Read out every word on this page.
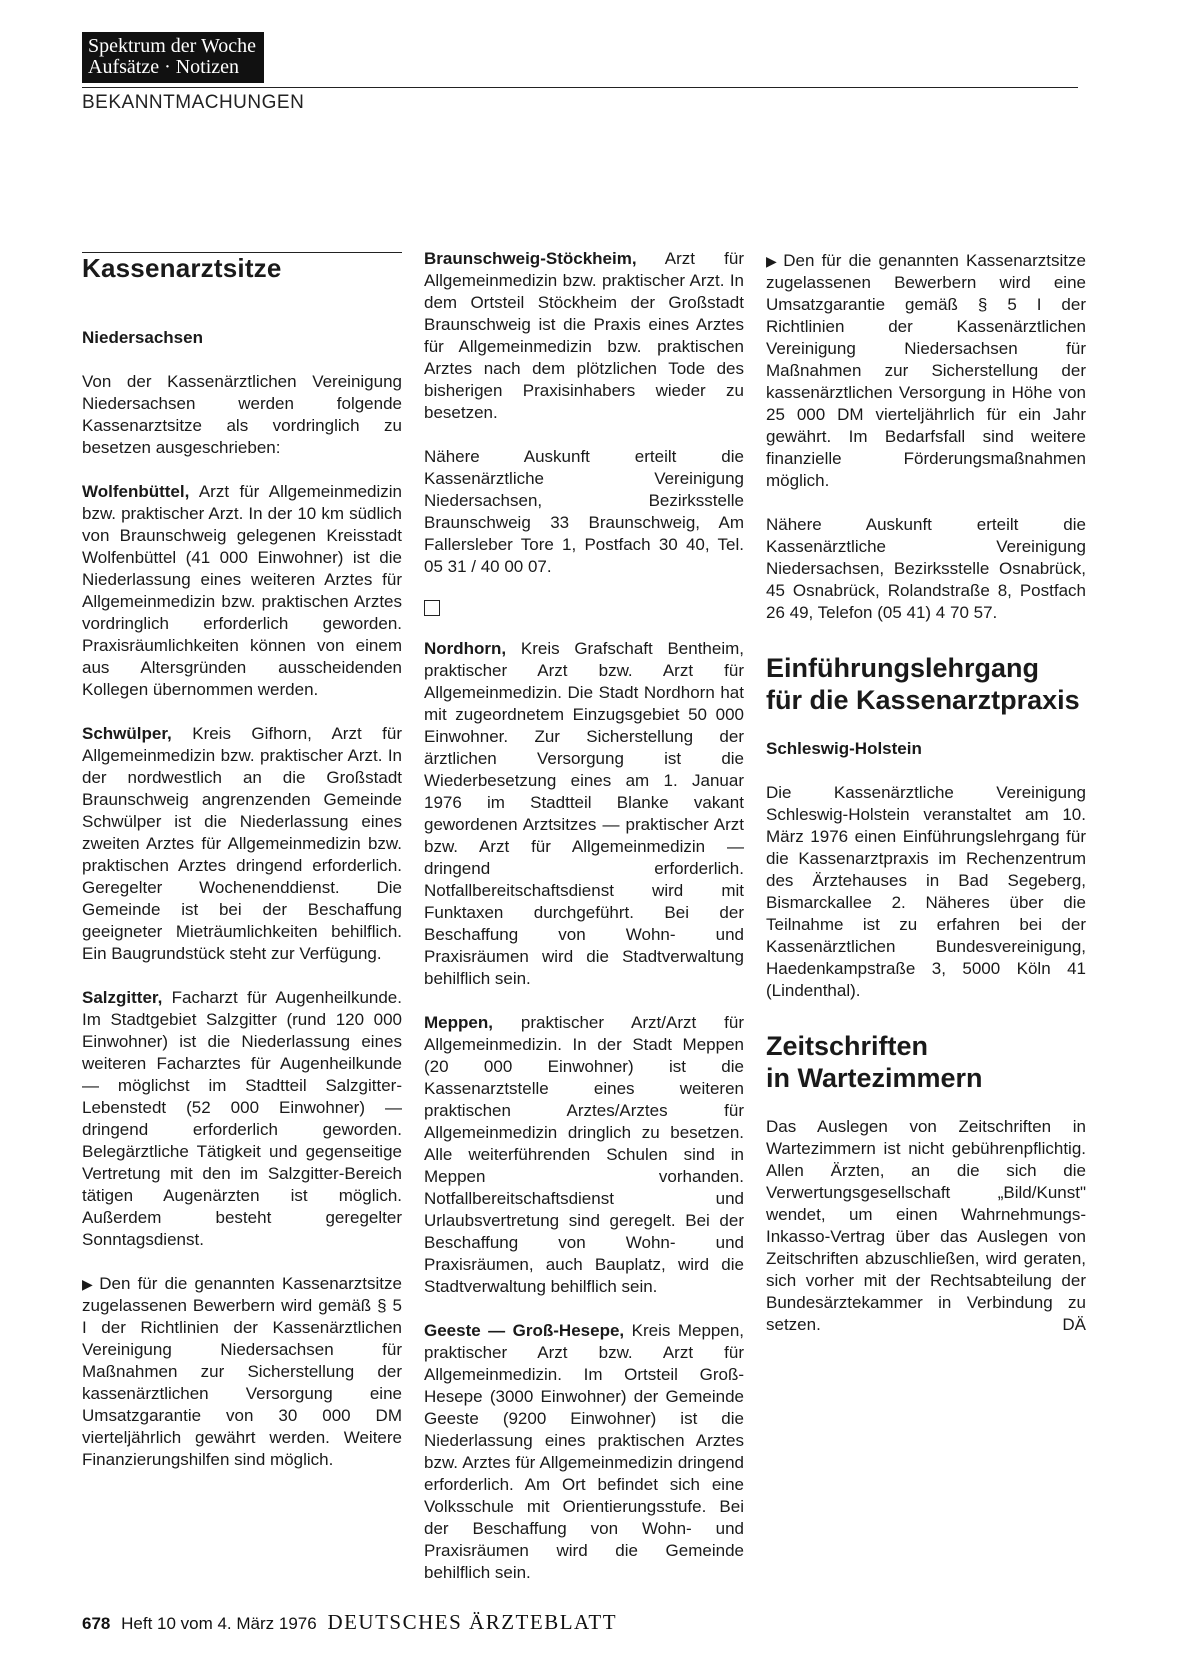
Spektrum der Woche
Aufsätze · Notizen
BEKANNTMACHUNGEN
Kassenarztsitze
Niedersachsen

Von der Kassenärztlichen Vereinigung Niedersachsen werden folgende Kassenarztsitze als vordringlich zu besetzen ausgeschrieben:

Wolfenbüttel, Arzt für Allgemeinmedizin bzw. praktischer Arzt. In der 10 km südlich von Braunschweig gelegenen Kreisstadt Wolfenbüttel (41 000 Einwohner) ist die Niederlassung eines weiteren Arztes für Allgemeinmedizin bzw. praktischen Arztes vordringlich erforderlich geworden. Praxisräumlichkeiten können von einem aus Altersgründen ausscheidenden Kollegen übernommen werden.

Schwülper, Kreis Gifhorn, Arzt für Allgemeinmedizin bzw. praktischer Arzt. In der nordwestlich an die Großstadt Braunschweig angrenzenden Gemeinde Schwülper ist die Niederlassung eines zweiten Arztes für Allgemeinmedizin bzw. praktischen Arztes dringend erforderlich. Geregelter Wochenenddienst. Die Gemeinde ist bei der Beschaffung geeigneter Mieträumlichkeiten behilflich. Ein Baugrundstück steht zur Verfügung.

Salzgitter, Facharzt für Augenheilkunde. Im Stadtgebiet Salzgitter (rund 120 000 Einwohner) ist die Niederlassung eines weiteren Facharztes für Augenheilkunde — möglichst im Stadtteil Salzgitter-Lebenstedt (52 000 Einwohner) — dringend erforderlich geworden. Belegärztliche Tätigkeit und gegenseitige Vertretung mit den im Salzgitter-Bereich tätigen Augenärzten ist möglich. Außerdem besteht geregelter Sonntagsdienst.

▶ Den für die genannten Kassenarztsitze zugelassenen Bewerbern wird gemäß § 5 I der Richtlinien der Kassenärztlichen Vereinigung Niedersachsen für Maßnahmen zur Sicherstellung der kassenärztlichen Versorgung eine Umsatzgarantie von 30 000 DM vierteljährlich gewährt werden. Weitere Finanzierungshilfen sind möglich.

Braunschweig-Stöckheim, Arzt für Allgemeinmedizin bzw. praktischer Arzt. In dem Ortsteil Stöckheim der Großstadt Braunschweig ist die Praxis eines Arztes für Allgemeinmedizin bzw. praktischen Arztes nach dem plötzlichen Tode des bisherigen Praxisinhabers wieder zu besetzen.

Nähere Auskunft erteilt die Kassenärztliche Vereinigung Niedersachsen, Bezirksstelle Braunschweig 33 Braunschweig, Am Fallersleber Tore 1, Postfach 30 40, Tel. 05 31 / 40 00 07.

Nordhorn, Kreis Grafschaft Bentheim, praktischer Arzt bzw. Arzt für Allgemeinmedizin. Die Stadt Nordhorn hat mit zugeordnetem Einzugsgebiet 50 000 Einwohner. Zur Sicherstellung der ärztlichen Versorgung ist die Wiederbesetzung eines am 1. Januar 1976 im Stadtteil Blanke vakant gewordenen Arztsitzes — praktischer Arzt bzw. Arzt für Allgemeinmedizin — dringend erforderlich. Notfallbereitschaftsdienst wird mit Funktaxen durchgeführt. Bei der Beschaffung von Wohn- und Praxisräumen wird die Stadtverwaltung behilflich sein.

Meppen, praktischer Arzt/Arzt für Allgemeinmedizin. In der Stadt Meppen (20 000 Einwohner) ist die Kassenarztstelle eines weiteren praktischen Arztes/Arztes für Allgemeinmedizin dringlich zu besetzen. Alle weiterführenden Schulen sind in Meppen vorhanden. Notfallbereitschaftsdienst und Urlaubsvertretung sind geregelt. Bei der Beschaffung von Wohn- und Praxisräumen, auch Bauplatz, wird die Stadtverwaltung behilflich sein.

Geeste — Groß-Hesepe, Kreis Meppen, praktischer Arzt bzw. Arzt für Allgemeinmedizin. Im Ortsteil Groß-Hesepe (3000 Einwohner) der Gemeinde Geeste (9200 Einwohner) ist die Niederlassung eines praktischen Arztes bzw. Arztes für Allgemeinmedizin dringend erforderlich. Am Ort befindet sich eine Volksschule mit Orientierungsstufe. Bei der Beschaffung von Wohn- und Praxisräumen wird die Gemeinde behilflich sein.

▶ Den für die genannten Kassenarztsitze zugelassenen Bewerbern wird eine Umsatzgarantie gemäß § 5 I der Richtlinien der Kassenärztlichen Vereinigung Niedersachsen für Maßnahmen zur Sicherstellung der kassenärztlichen Versorgung in Höhe von 25 000 DM vierteljährlich für ein Jahr gewährt. Im Bedarfsfall sind weitere finanzielle Förderungsmaßnahmen möglich.

Nähere Auskunft erteilt die Kassenärztliche Vereinigung Niedersachsen, Bezirksstelle Osnabrück, 45 Osnabrück, Rolandstraße 8, Postfach 26 49, Telefon (05 41) 4 70 57.

Einführungslehrgang
für die Kassenarztpraxis
Schleswig-Holstein

Die Kassenärztliche Vereinigung Schleswig-Holstein veranstaltet am 10. März 1976 einen Einführungslehrgang für die Kassenarztpraxis im Rechenzentrum des Ärztehauses in Bad Segeberg, Bismarckallee 2. Näheres über die Teilnahme ist zu erfahren bei der Kassenärztlichen Bundesvereinigung, Haedenkampstraße 3, 5000 Köln 41 (Lindenthal).

Zeitschriften
in Wartezimmern

Das Auslegen von Zeitschriften in Wartezimmern ist nicht gebührenpflichtig. Allen Ärzten, an die sich die Verwertungsgesellschaft „Bild/Kunst" wendet, um einen Wahrnehmungs-Inkasso-Vertrag über das Auslegen von Zeitschriften abzuschließen, wird geraten, sich vorher mit der Rechtsabteilung der Bundesärztekammer in Verbindung zu setzen.	DÄ

678 Heft 10 vom 4. März 1976 DEUTSCHES ÄRZTEBLATT
